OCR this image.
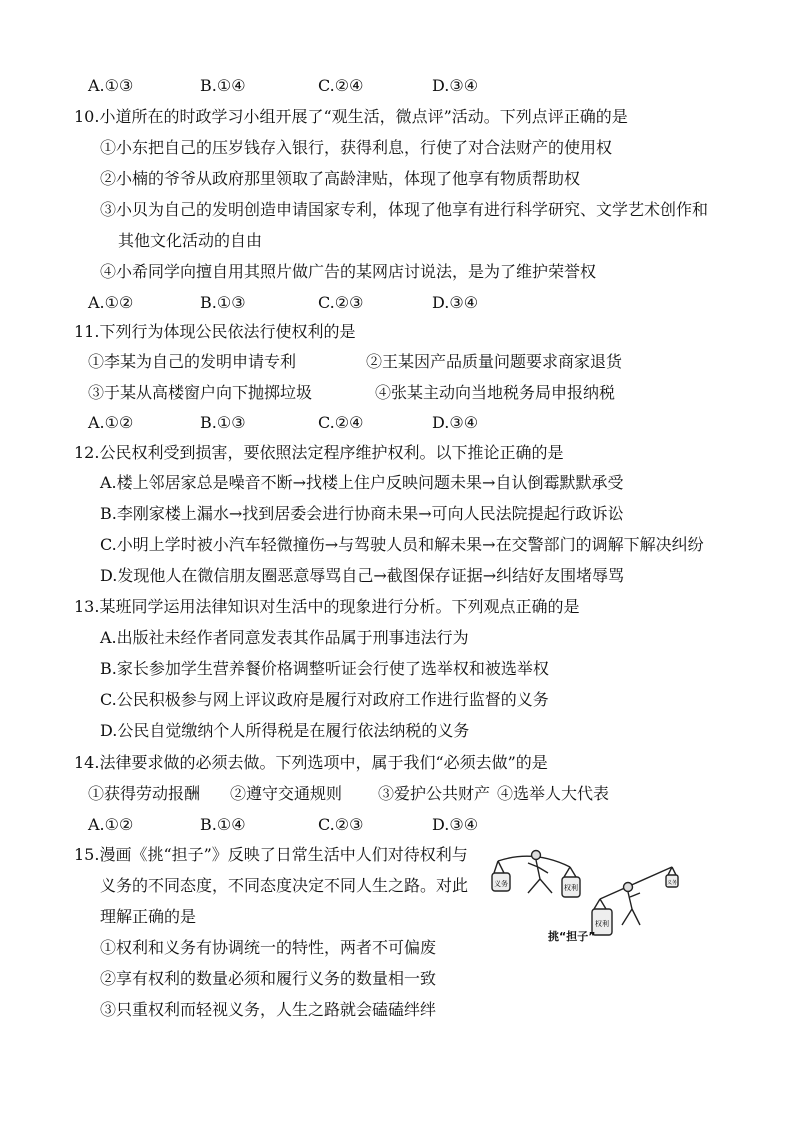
A.①③	B.①④	C.②④	D.③④
10.小道所在的时政学习小组开展了“观生活，微点评”活动。下列点评正确的是
①小东把自己的压岁钱存入银行，获得利息，行使了对合法财产的使用权
②小楠的爷爷从政府那里领取了高龄津贴，体现了他享有物质帮助权
③小贝为自己的发明创造申请国家专利，体现了他享有进行科学研究、文学艺术创作和
其他文化活动的自由
④小希同学向擅自用其照片做广告的某网店讨说法，是为了维护荣誉权
A.①②	B.①③	C.②③	D.③④
11.下列行为体现公民依法行使权利的是
①李某为自己的发明申请专利	②王某因产品质量问题要求商家退货
③于某从高楼窗户向下抛掷垃圾	④张某主动向当地税务局申报纳税
A.①②	B.①③	C.②④	D.③④
12.公民权利受到损害，要依照法定程序维护权利。以下推论正确的是
A.楼上邻居家总是噪音不断→找楼上住户反映问题未果→自认倒霉默默承受
B.李刚家楼上漏水→找到居委会进行协商未果→可向人民法院提起行政诉讼
C.小明上学时被小汽车轻微撞伤→与驾驶人员和解未果→在交警部门的调解下解决纠纷
D.发现他人在微信朋友圈恶意辱骂自己→截图保存证据→纠结好友围堵辱骂
13.某班同学运用法律知识对生活中的现象进行分析。下列观点正确的是
A.出版社未经作者同意发表其作品属于刑事违法行为
B.家长参加学生营养餐价格调整听证会行使了选举权和被选举权
C.公民积极参与网上评议政府是履行对政府工作进行监督的义务
D.公民自觉缴纳个人所得税是在履行依法纳税的义务
14.法律要求做的必须去做。下列选项中，属于我们“必须去做”的是
①获得劳动报酬 ②遵守交通规则 ③爱护公共财产 ④选举人大代表
A.①②	B.①④	C.②③	D.③④
15.漫画《挑“担子”》反映了日常生活中人们对待权利与
义务的不同态度，不同态度决定不同人生之路。对此
理解正确的是
①权利和义务有协调统一的特性，两者不可偏废
②享有权利的数量必须和履行义务的数量相一致
③只重权利而轻视义务，人生之路就会磕磕绊绊
义务	权利
权利
义务
挑“担子”
